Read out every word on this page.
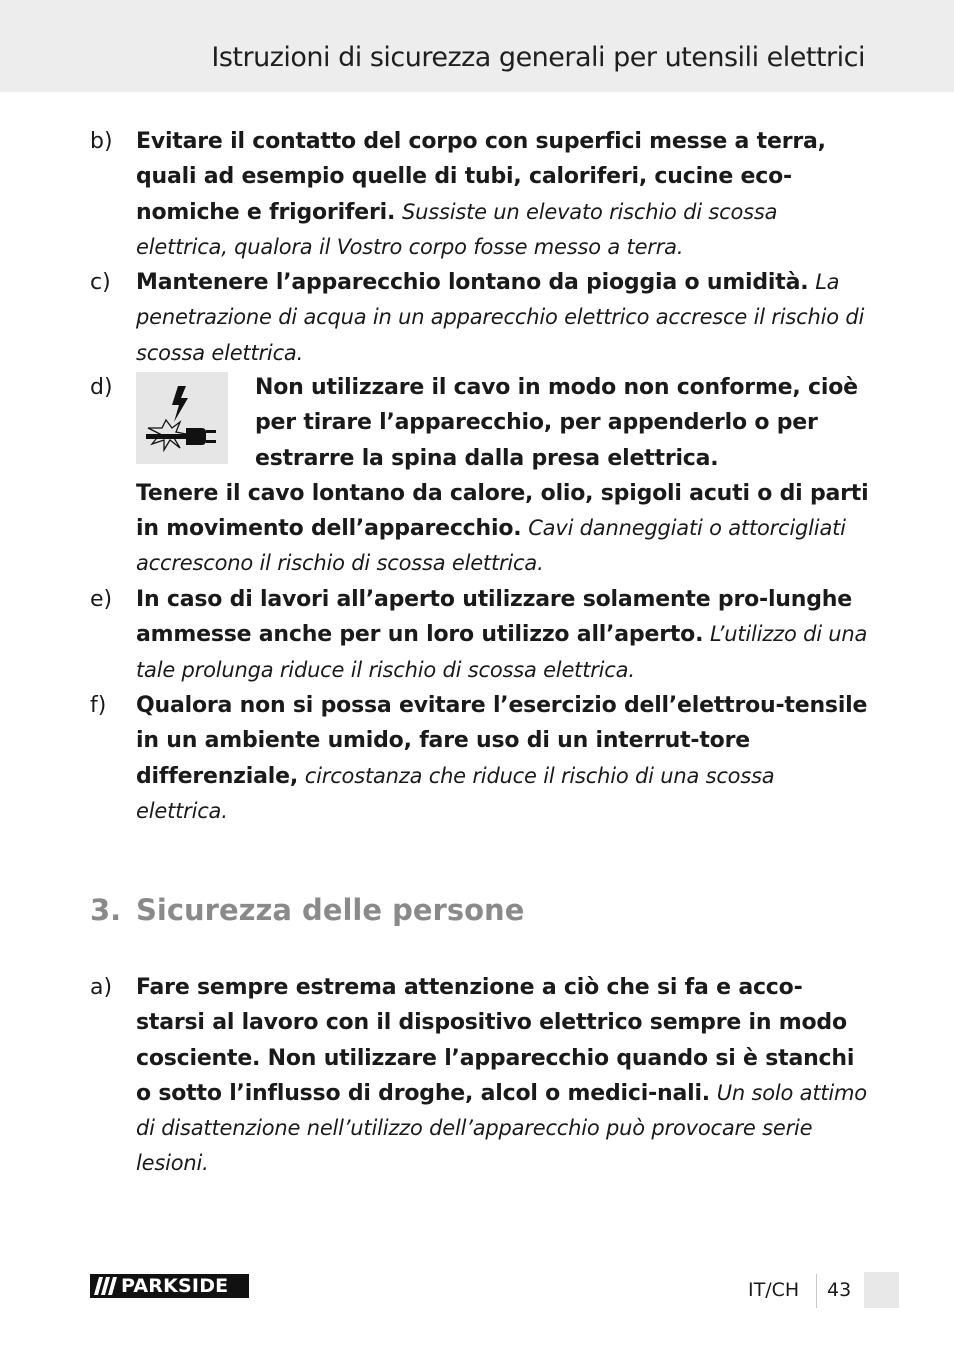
Istruzioni di sicurezza generali per utensili elettrici
b) Evitare il contatto del corpo con superfici messe a terra, quali ad esempio quelle di tubi, caloriferi, cucine eco-nomiche e frigoriferi. Sussiste un elevato rischio di scossa elettrica, qualora il Vostro corpo fosse messo a terra.
c) Mantenere l’apparecchio lontano da pioggia o umidità. La penetrazione di acqua in un apparecchio elettrico accresce il rischio di scossa elettrica.
d)	Non utilizzare il cavo in modo non conforme, cioè per tirare l’apparecchio, per appenderlo o per estrarre la spina dalla presa elettrica.
Tenere il cavo lontano da calore, olio, spigoli acuti o di parti in movimento dell’apparecchio. Cavi danneggiati o attorcigliati accrescono il rischio di scossa elettrica.
e) In caso di lavori all’aperto utilizzare solamente pro-lunghe ammesse anche per un loro utilizzo all’aperto. L’utilizzo di una tale prolunga riduce il rischio di scossa elettrica.
f) Qualora non si possa evitare l’esercizio dell’elettrou-tensile in un ambiente umido, fare uso di un interrut-tore differenziale, circostanza che riduce il rischio di una scossa elettrica.
3. Sicurezza delle persone
a) Fare sempre estrema attenzione a ciò che si fa e acco-starsi al lavoro con il dispositivo elettrico sempre in modo cosciente. Non utilizzare l’apparecchio quando si è stanchi o sotto l’influsso di droghe, alcol o medici-nali. Un solo attimo di disattenzione nell’utilizzo dell’apparecchio può provocare serie lesioni.
PARKSIDE	IT/CH 43
